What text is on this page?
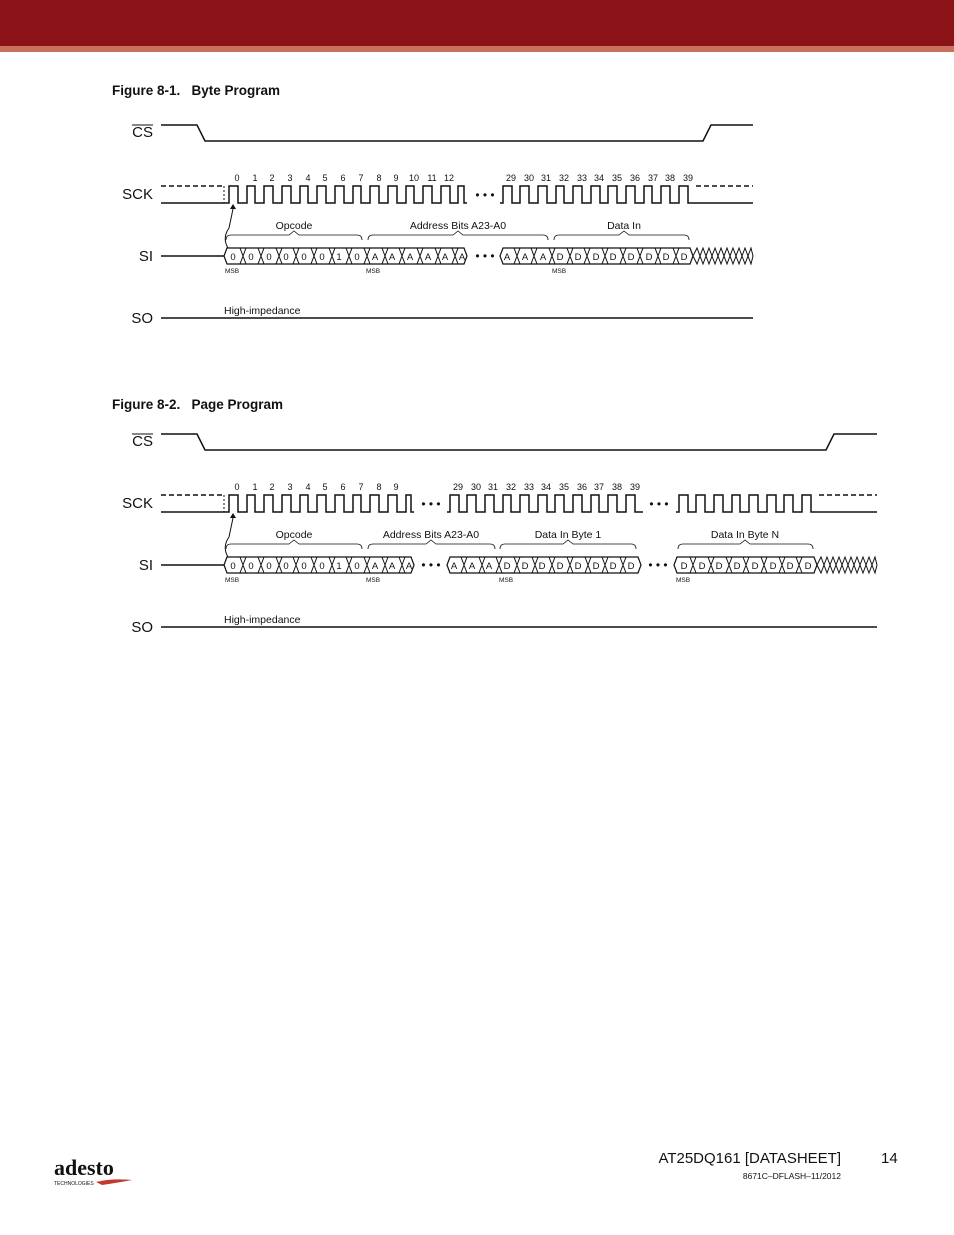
Figure 8-1.   Byte Program
CS
SCK
0 1 2 3 4 5 6 7 8 9 10 11 12	29 30 31 32 33 34 35 36 37 38 39
• • •
Opcode	Address Bits A23-A0	Data In
SI	• • •
0 0 0 0 0 0 1 0 A A A A A A	A A A D D D D D D D D
MSB	MSB	MSB
SO	High-impedance
Figure 8-2.   Page Program
CS
SCK
0 1 2 3 4 5 6 7 8 9	29 30 31 32 33 34 35 36 37 38 39
• • •	• • •
Opcode	Address Bits A23-A0	Data In Byte 1	Data In Byte N
SI	• • •	• • •
0 0 0 0 0 0 1 0 A A A	A A A D D D D D D D D	D D D D D D D D
MSB	MSB	MSB	MSB
SO	High-impedance
adesto
TECHNOLOGIES
AT25DQ161 [DATASHEET]	14
8671C–DFLASH–11/2012
